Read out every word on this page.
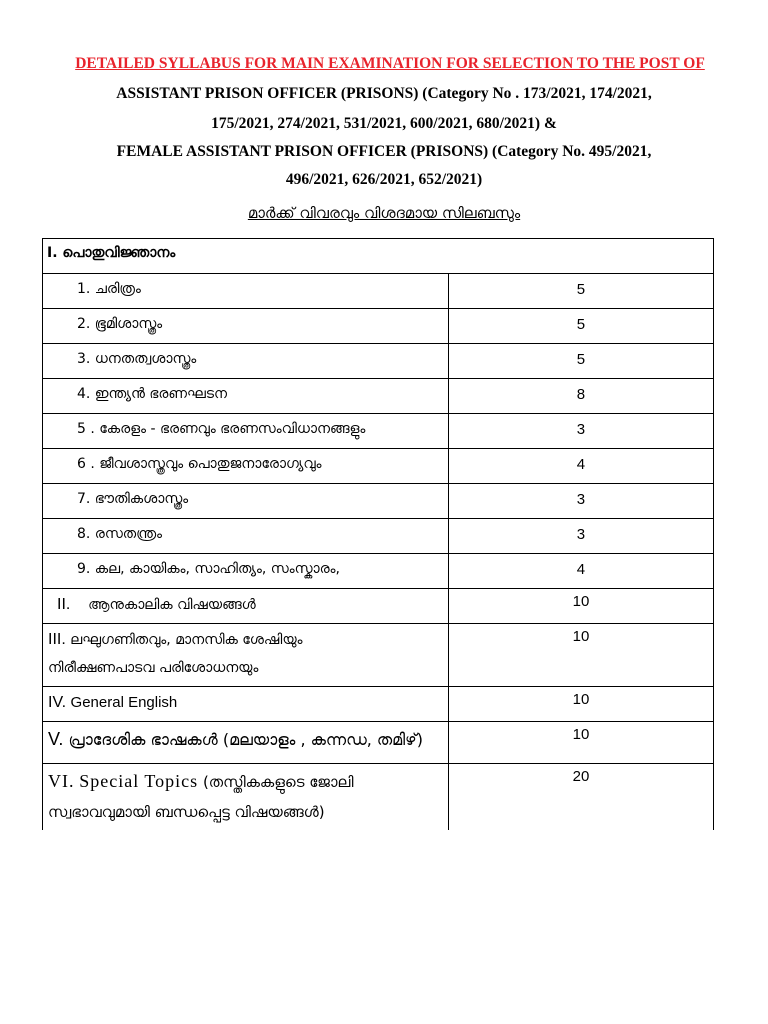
DETAILED SYLLABUS FOR MAIN EXAMINATION FOR SELECTION TO THE POST OF
ASSISTANT PRISON OFFICER (PRISONS) (Category No . 173/2021, 174/2021,
175/2021, 274/2021, 531/2021, 600/2021, 680/2021) &
FEMALE ASSISTANT PRISON OFFICER (PRISONS) (Category No. 495/2021,
496/2021, 626/2021, 652/2021)
മാർക്ക് വിവരവും വിശദമായ സിലബസും
I. പൊതുവിജ്ഞാനം	
1. ചരിത്രം	5
2. ഭൂമിശാസ്ത്രം	5
3. ധനതത്വശാസ്ത്രം	5
4. ഇന്ത്യൻ ഭരണഘടന	8
5 . കേരളം - ഭരണവും ഭരണസംവിധാനങ്ങളും	3
6 . ജീവശാസ്ത്രവും പൊതുജനാരോഗ്യവും	4
7. ഭൗതികശാസ്ത്രം	3
8. രസതന്ത്രം	3
9. കല, കായികം, സാഹിത്യം, സംസ്കാരം,	4
II. ആനുകാലിക വിഷയങ്ങൾ	10
III. ലഘുഗണിതവും, മാനസിക ശേഷിയും
നിരീക്ഷണപാടവ പരിശോധനയും	10
IV. General English	10
V. പ്രാദേശിക ഭാഷകൾ (മലയാളം , കന്നഡ, തമിഴ്)	10
VI. Special Topics (തസ്തികകളുടെ ജോലി
സ്വഭാവവുമായി ബന്ധപ്പെട്ട വിഷയങ്ങൾ)	20
